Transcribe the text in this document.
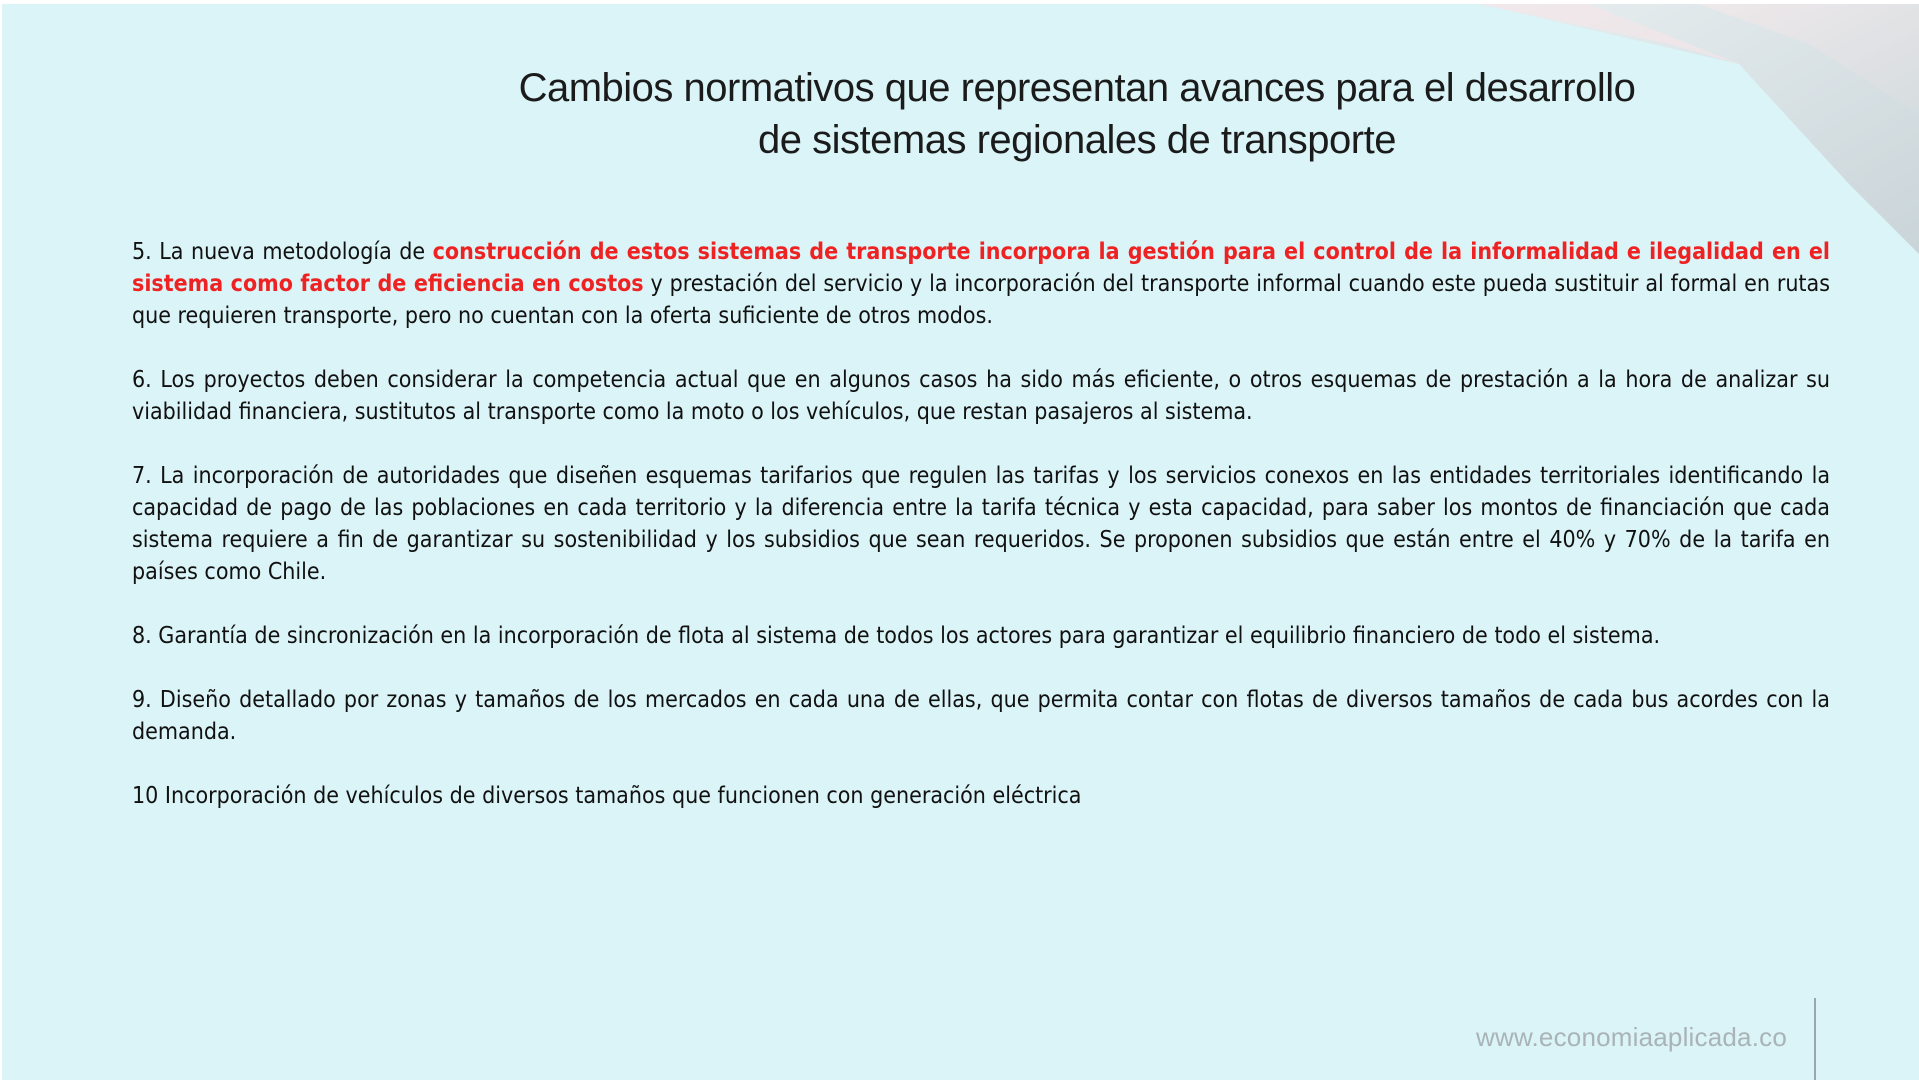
Cambios normativos que representan avances para el desarrollo
de sistemas regionales de transporte

5. La nueva metodología de construcción de estos sistemas de transporte incorpora la gestión para el control de la informalidad e ilegalidad en el sistema como factor de eficiencia en costos y prestación del servicio y la incorporación del transporte informal cuando este pueda sustituir al formal en rutas que requieren transporte, pero no cuentan con la oferta suficiente de otros modos.

6. Los proyectos deben considerar la competencia actual que en algunos casos ha sido más eficiente, o otros esquemas de prestación a la hora de analizar su viabilidad financiera, sustitutos al transporte como la moto o los vehículos, que restan pasajeros al sistema.

7. La incorporación de autoridades que diseñen esquemas tarifarios que regulen las tarifas y los servicios conexos en las entidades territoriales identificando la capacidad de pago de las poblaciones en cada territorio y la diferencia entre la tarifa técnica y esta capacidad, para saber los montos de financiación que cada sistema requiere a fin de garantizar su sostenibilidad y los subsidios que sean requeridos. Se proponen subsidios que están entre el 40% y 70% de la tarifa en países como Chile.

8. Garantía de sincronización en la incorporación de flota al sistema de todos los actores para garantizar el equilibrio financiero de todo el sistema.

9. Diseño detallado por zonas y tamaños de los mercados en cada una de ellas, que permita contar con flotas de diversos tamaños de cada bus acordes con la demanda.

10 Incorporación de vehículos de diversos tamaños que funcionen con generación eléctrica

www.economiaaplicada.co
